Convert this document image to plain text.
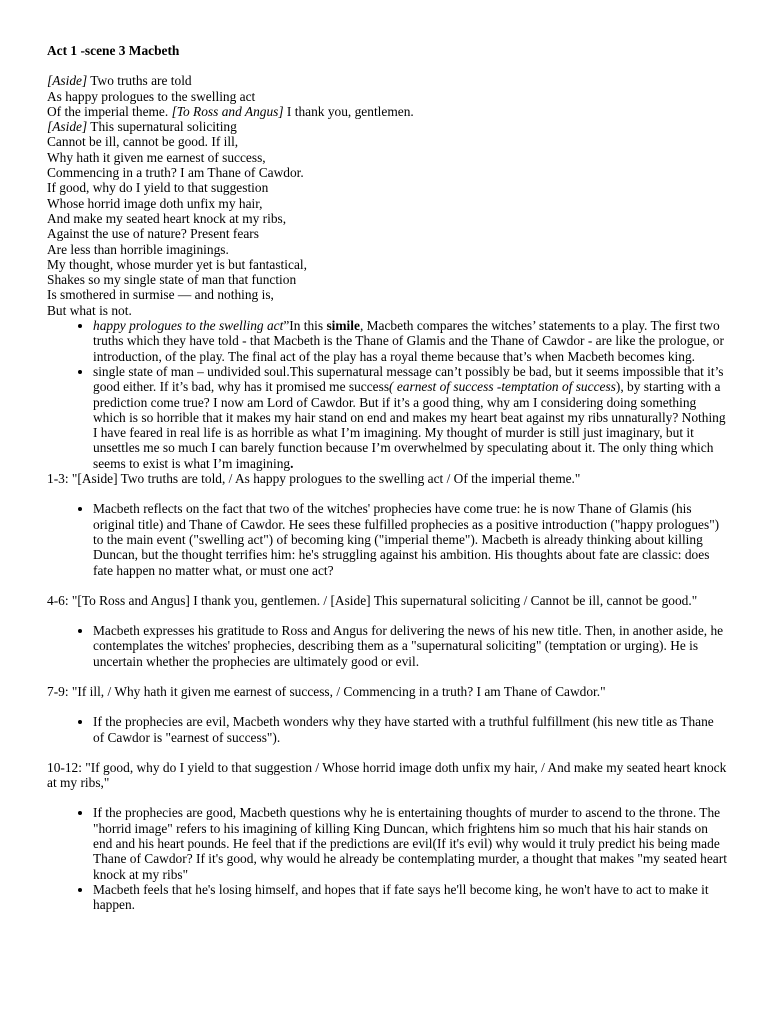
Act 1 -scene 3 Macbeth
[Aside] Two truths are told
As happy prologues to the swelling act
Of the imperial theme. [To Ross and Angus] I thank you, gentlemen.
[Aside] This supernatural soliciting
Cannot be ill, cannot be good. If ill,
Why hath it given me earnest of success,
Commencing in a truth? I am Thane of Cawdor.
If good, why do I yield to that suggestion
Whose horrid image doth unfix my hair,
And make my seated heart knock at my ribs,
Against the use of nature? Present fears
Are less than horrible imaginings.
My thought, whose murder yet is but fantastical,
Shakes so my single state of man that function
Is smothered in surmise — and nothing is,
But what is not.
• happy prologues to the swelling act”In this simile, Macbeth compares the witches’ statements to a play. The first two truths which they have told - that Macbeth is the Thane of Glamis and the Thane of Cawdor - are like the prologue, or introduction, of the play. The final act of the play has a royal theme because that’s when Macbeth becomes king.
• single state of man – undivided soul.This supernatural message can’t possibly be bad, but it seems impossible that it’s good either. If it’s bad, why has it promised me success( earnest of success -temptation of success), by starting with a prediction come true? I now am Lord of Cawdor. But if it’s a good thing, why am I considering doing something which is so horrible that it makes my hair stand on end and makes my heart beat against my ribs unnaturally? Nothing I have feared in real life is as horrible as what I’m imagining. My thought of murder is still just imaginary, but it unsettles me so much I can barely function because I’m overwhelmed by speculating about it. The only thing which seems to exist is what I’m imagining.
1-3: "[Aside] Two truths are told, / As happy prologues to the swelling act / Of the imperial theme."
• Macbeth reflects on the fact that two of the witches' prophecies have come true: he is now Thane of Glamis (his original title) and Thane of Cawdor. He sees these fulfilled prophecies as a positive introduction ("happy prologues") to the main event ("swelling act") of becoming king ("imperial theme"). Macbeth is already thinking about killing Duncan, but the thought terrifies him: he's struggling against his ambition. His thoughts about fate are classic: does fate happen no matter what, or must one act?
4-6: "[To Ross and Angus] I thank you, gentlemen. / [Aside] This supernatural soliciting / Cannot be ill, cannot be good."
• Macbeth expresses his gratitude to Ross and Angus for delivering the news of his new title. Then, in another aside, he contemplates the witches' prophecies, describing them as a "supernatural soliciting" (temptation or urging). He is uncertain whether the prophecies are ultimately good or evil.
7-9: "If ill, / Why hath it given me earnest of success, / Commencing in a truth? I am Thane of Cawdor."
• If the prophecies are evil, Macbeth wonders why they have started with a truthful fulfillment (his new title as Thane of Cawdor is "earnest of success").
10-12: "If good, why do I yield to that suggestion / Whose horrid image doth unfix my hair, / And make my seated heart knock at my ribs,"
• If the prophecies are good, Macbeth questions why he is entertaining thoughts of murder to ascend to the throne. The "horrid image" refers to his imagining of killing King Duncan, which frightens him so much that his hair stands on end and his heart pounds. He feel that if the predictions are evil(If it's evil) why would it truly predict his being made Thane of Cawdor? If it's good, why would he already be contemplating murder, a thought that makes "my seated heart knock at my ribs"
• Macbeth feels that he's losing himself, and hopes that if fate says he'll become king, he won't have to act to make it happen.
